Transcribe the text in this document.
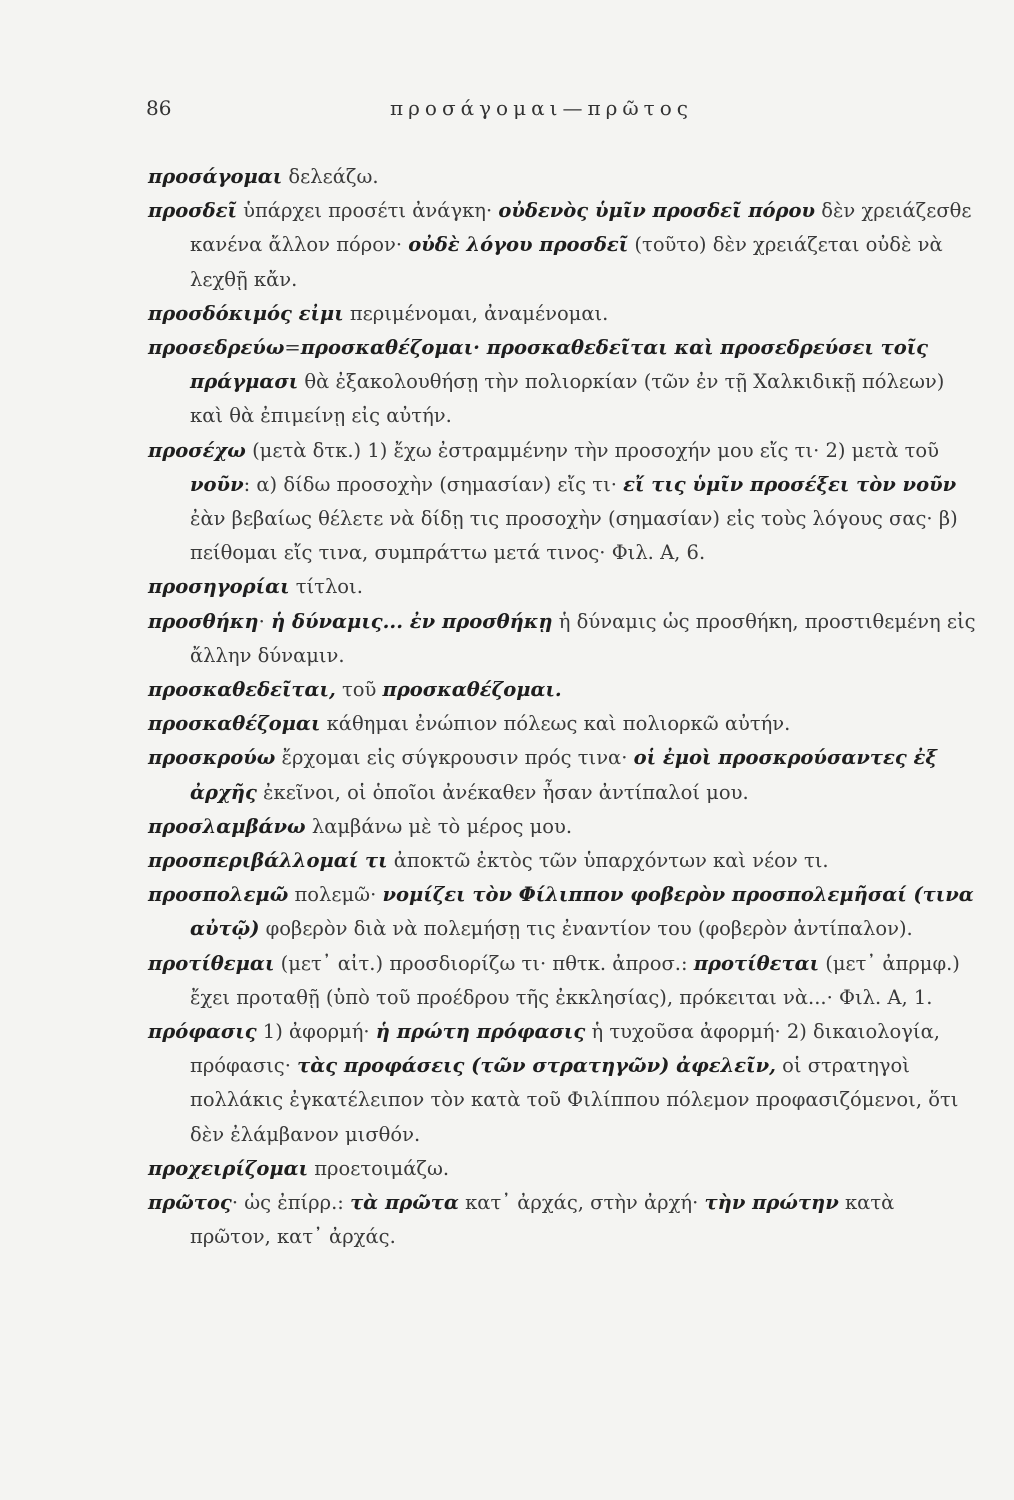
86	προσάγομαι—πρῶτος

προσάγομαι δελεάζω.

προσδεῖ ὑπάρχει προσέτι ἀνάγκη· οὐδενὸς ὑμῖν προσδεῖ πόρου δὲν χρειάζεσθε κανένα ἄλλον πόρον· οὐδὲ λόγου προσδεῖ (τοῦτο) δὲν χρειάζεται οὐδὲ νὰ λεχθῇ κἄν.

προσδόκιμός εἰμι περιμένομαι, ἀναμένομαι.

προσεδρεύω=προσκαθέζομαι· προσκαθεδεῖται καὶ προσεδρεύσει τοῖς πράγμασι θὰ ἐξακολουθήσῃ τὴν πολιορκίαν (τῶν ἐν τῇ Χαλκιδικῇ πόλεων) καὶ θὰ ἐπιμείνῃ εἰς αὐτήν.

προσέχω (μετὰ δτκ.) 1) ἔχω ἐστραμμένην τὴν προσοχήν μου εἴς τι· 2) μετὰ τοῦ νοῦν: α) δίδω προσοχὴν (σημασίαν) εἴς τι· εἴ τις ὑμῖν προσέξει τὸν νοῦν ἐὰν βεβαίως θέλετε νὰ δίδῃ τις προσοχὴν (σημασίαν) εἰς τοὺς λόγους σας· β) πείθομαι εἴς τινα, συμπράττω μετά τινος· Φιλ. Α, 6.

προσηγορίαι τίτλοι.

προσθήκη· ἡ δύναμις... ἐν προσθήκῃ ἡ δύναμις ὡς προσθήκη, προστιθεμένη εἰς ἄλλην δύναμιν.

προσκαθεδεῖται, τοῦ προσκαθέζομαι.

προσκαθέζομαι κάθημαι ἐνώπιον πόλεως καὶ πολιορκῶ αὐτήν.

προσκρούω ἔρχομαι εἰς σύγκρουσιν πρός τινα· οἱ ἐμοὶ προσκρούσαντες ἐξ ἀρχῆς ἐκεῖνοι, οἱ ὁποῖοι ἀνέκαθεν ἦσαν ἀντίπαλοί μου.

προσλαμβάνω λαμβάνω μὲ τὸ μέρος μου.

προσπεριβάλλομαί τι ἀποκτῶ ἐκτὸς τῶν ὑπαρχόντων καὶ νέον τι.

προσπολεμῶ πολεμῶ· νομίζει τὸν Φίλιππον φοβερὸν προσπολεμῆσαί (τινα αὐτῷ) φοβερὸν διὰ νὰ πολεμήσῃ τις ἐναντίον του (φοβερὸν ἀντίπαλον).

προτίθεμαι (μετ᾽ αἰτ.) προσδιορίζω τι· πθτκ. ἀπροσ.: προτίθεται (μετ᾽ ἀπρμφ.) ἔχει προταθῇ (ὑπὸ τοῦ προέδρου τῆς ἐκκλησίας), πρόκειται νὰ...· Φιλ. Α, 1.

πρόφασις 1) ἀφορμή· ἡ πρώτη πρόφασις ἡ τυχοῦσα ἀφορμή· 2) δικαιολογία, πρόφασις· τὰς προφάσεις (τῶν στρατηγῶν) ἀφελεῖν, οἱ στρατηγοὶ πολλάκις ἐγκατέλειπον τὸν κατὰ τοῦ Φιλίππου πόλεμον προφασιζόμενοι, ὅτι δὲν ἐλάμβανον μισθόν.

προχειρίζομαι προετοιμάζω.

πρῶτος· ὡς ἐπίρρ.: τὰ πρῶτα κατ᾽ ἀρχάς, στὴν ἀρχή· τὴν πρώτην κατὰ πρῶτον, κατ᾽ ἀρχάς.
